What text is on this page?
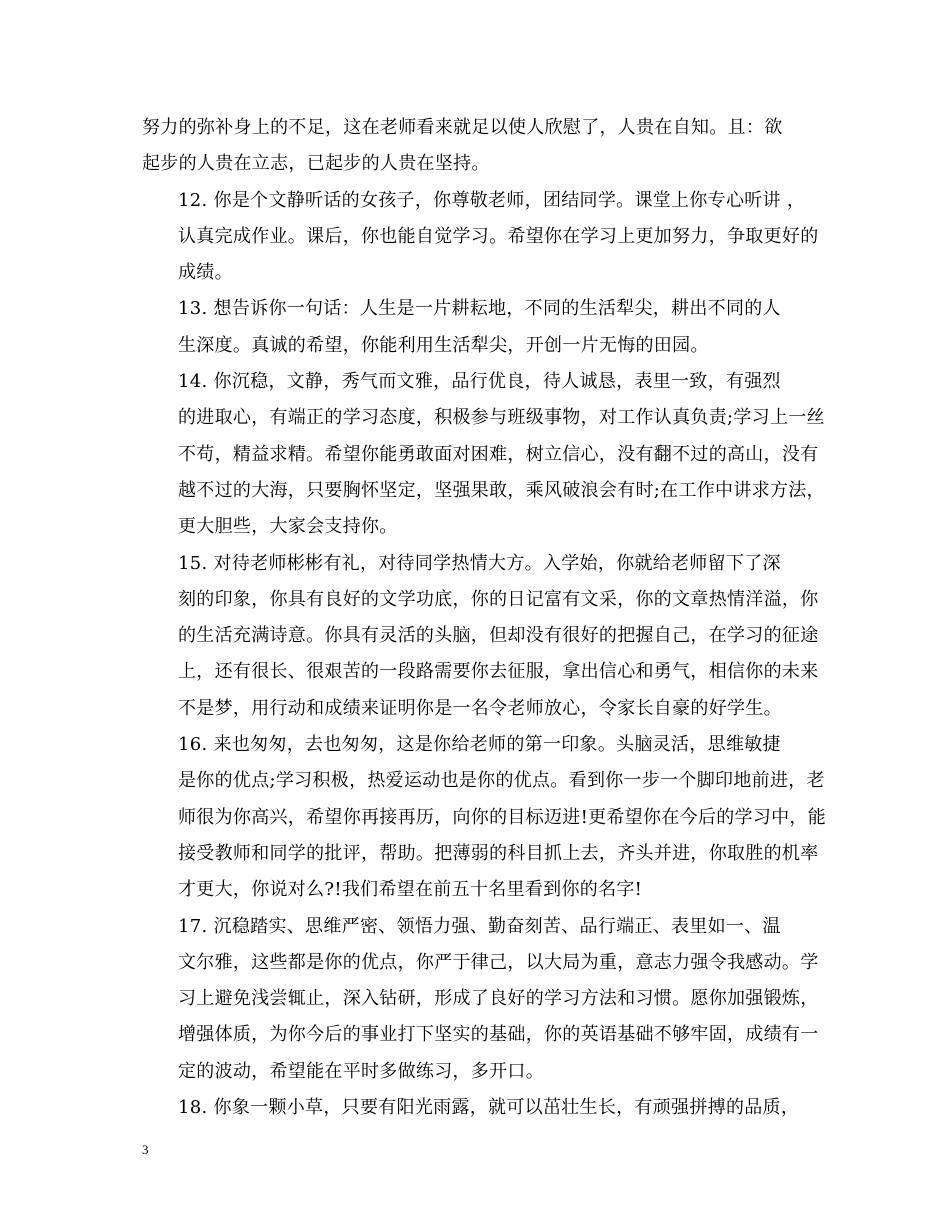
努力的弥补身上的不足，这在老师看来就足以使人欣慰了，人贵在自知。且：欲
起步的人贵在立志，已起步的人贵在坚持。

12. 你是个文静听话的女孩子，你尊敬老师，团结同学。课堂上你专心听讲 ，
认真完成作业。课后，你也能自觉学习。希望你在学习上更加努力，争取更好的
成绩。

13. 想告诉你一句话：人生是一片耕耘地，不同的生活犁尖，耕出不同的人
生深度。真诚的希望，你能利用生活犁尖，开创一片无悔的田园。

14. 你沉稳，文静，秀气而文雅，品行优良，待人诚恳，表里一致，有强烈
的进取心，有端正的学习态度，积极参与班级事物，对工作认真负责;学习上一丝
不苟，精益求精。希望你能勇敢面对困难，树立信心，没有翻不过的高山，没有
越不过的大海，只要胸怀坚定，坚强果敢，乘风破浪会有时;在工作中讲求方法，
更大胆些，大家会支持你。

15. 对待老师彬彬有礼，对待同学热情大方。入学始，你就给老师留下了深
刻的印象，你具有良好的文学功底，你的日记富有文采，你的文章热情洋溢，你
的生活充满诗意。你具有灵活的头脑，但却没有很好的把握自己，在学习的征途
上，还有很长、很艰苦的一段路需要你去征服，拿出信心和勇气，相信你的未来
不是梦，用行动和成绩来证明你是一名令老师放心，令家长自豪的好学生。

16. 来也匆匆，去也匆匆，这是你给老师的第一印象。头脑灵活，思维敏捷
是你的优点;学习积极，热爱运动也是你的优点。看到你一步一个脚印地前进，老
师很为你高兴，希望你再接再历，向你的目标迈进!更希望你在今后的学习中，能
接受教师和同学的批评，帮助。把薄弱的科目抓上去，齐头并进，你取胜的机率
才更大，你说对么?!我们希望在前五十名里看到你的名字!

17. 沉稳踏实、思维严密、领悟力强、勤奋刻苦、品行端正、表里如一、温
文尔雅，这些都是你的优点，你严于律己，以大局为重，意志力强令我感动。学
习上避免浅尝辄止，深入钻研，形成了良好的学习方法和习惯。愿你加强锻炼，
增强体质，为你今后的事业打下坚实的基础，你的英语基础不够牢固，成绩有一
定的波动，希望能在平时多做练习，多开口。

18. 你象一颗小草，只要有阳光雨露，就可以茁壮生长，有顽强拼搏的品质，

3
